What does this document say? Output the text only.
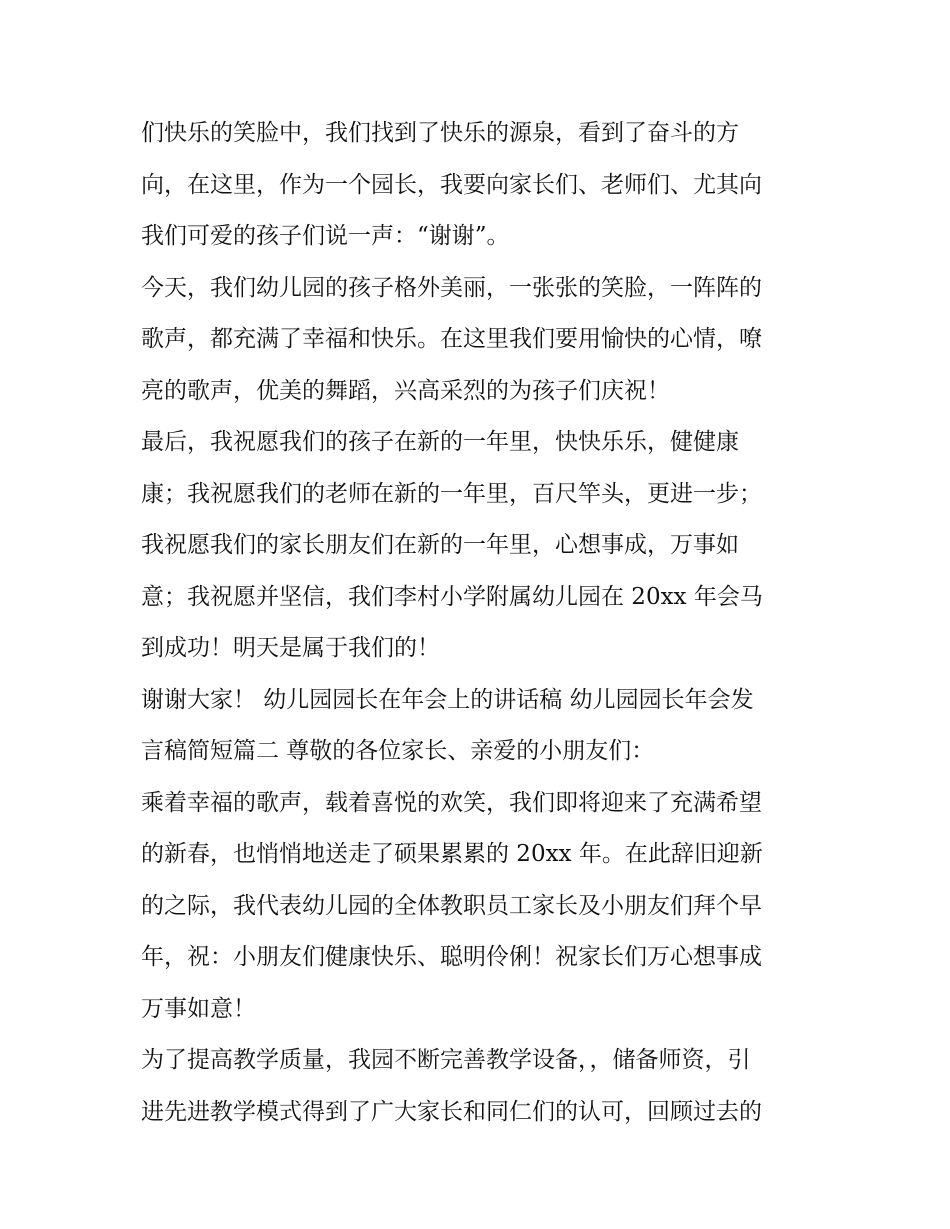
们快乐的笑脸中，我们找到了快乐的源泉，看到了奋斗的方
向，在这里，作为一个园长，我要向家长们、老师们、尤其向
我们可爱的孩子们说一声：“谢谢”。
今天，我们幼儿园的孩子格外美丽，一张张的笑脸，一阵阵的
歌声，都充满了幸福和快乐。在这里我们要用愉快的心情，嘹
亮的歌声，优美的舞蹈，兴高采烈的为孩子们庆祝！
最后，我祝愿我们的孩子在新的一年里，快快乐乐，健健康
康；我祝愿我们的老师在新的一年里，百尺竿头，更进一步；
我祝愿我们的家长朋友们在新的一年里，心想事成，万事如
意；我祝愿并坚信，我们李村小学附属幼儿园在 20xx 年会马
到成功！明天是属于我们的！
谢谢大家！ 幼儿园园长在年会上的讲话稿 幼儿园园长年会发
言稿简短篇二 尊敬的各位家长、亲爱的小朋友们：
乘着幸福的歌声，载着喜悦的欢笑，我们即将迎来了充满希望
的新春，也悄悄地送走了硕果累累的 20xx 年。在此辞旧迎新
的之际，我代表幼儿园的全体教职员工家长及小朋友们拜个早
年，祝：小朋友们健康快乐、聪明伶俐！祝家长们万心想事成
万事如意！
为了提高教学质量，我园不断完善教学设备，，储备师资，引
进先进教学模式得到了广大家长和同仁们的认可，回顾过去的
